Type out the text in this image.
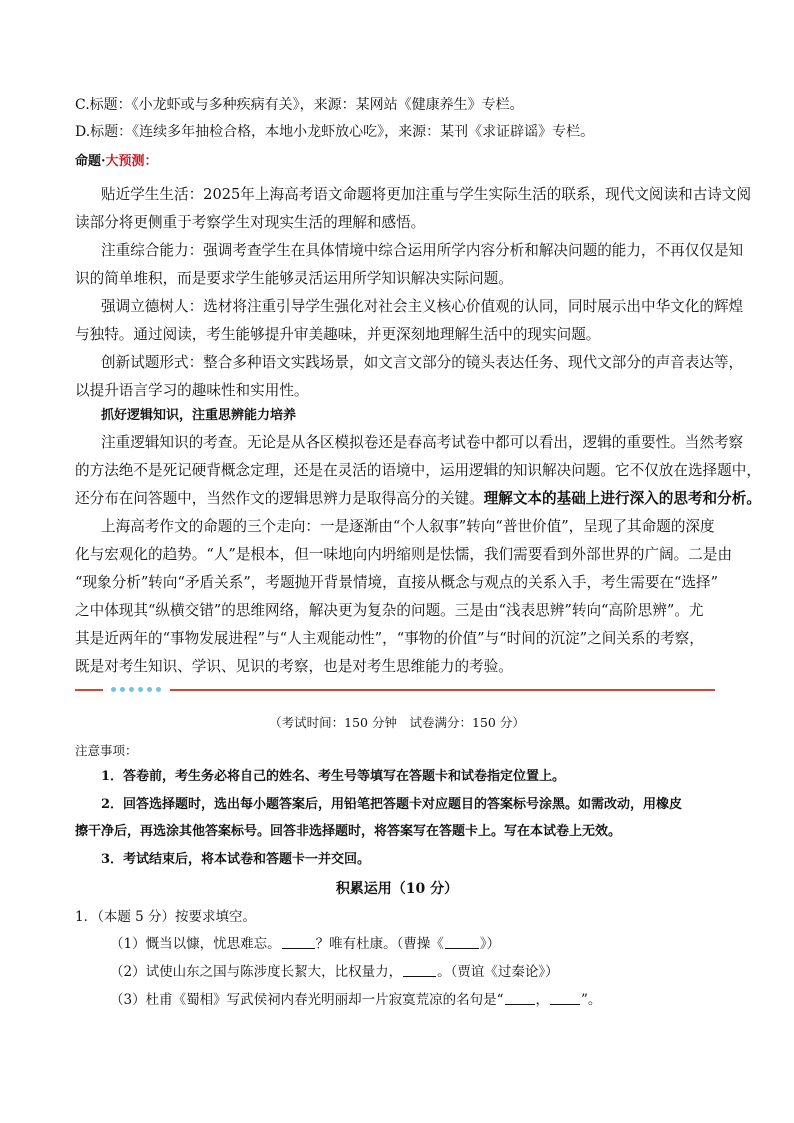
C.标题：《小龙虾或与多种疾病有关》，来源：某网站《健康养生》专栏。
D.标题：《连续多年抽检合格，本地小龙虾放心吃》，来源：某刊《求证辟谣》专栏。
命题·大预测：
贴近学生生活：2025年上海高考语文命题将更加注重与学生实际生活的联系，现代文阅读和古诗文阅
读部分将更侧重于考察学生对现实生活的理解和感悟。
注重综合能力：强调考查学生在具体情境中综合运用所学内容分析和解决问题的能力，不再仅仅是知
识的简单堆积，而是要求学生能够灵活运用所学知识解决实际问题。
强调立德树人：选材将注重引导学生强化对社会主义核心价值观的认同，同时展示出中华文化的辉煌
与独特。通过阅读，考生能够提升审美趣味，并更深刻地理解生活中的现实问题。
创新试题形式：整合多种语文实践场景，如文言文部分的镜头表达任务、现代文部分的声音表达等，
以提升语言学习的趣味性和实用性。
抓好逻辑知识，注重思辨能力培养
注重逻辑知识的考查。无论是从各区模拟卷还是春高考试卷中都可以看出，逻辑的重要性。当然考察
的方法绝不是死记硬背概念定理，还是在灵活的语境中，运用逻辑的知识解决问题。它不仅放在选择题中，
还分布在问答题中，当然作文的逻辑思辨力是取得高分的关键。理解文本的基础上进行深入的思考和分析。
上海高考作文的命题的三个走向：一是逐渐由“个人叙事”转向“普世价值”，呈现了其命题的深度
化与宏观化的趋势。“人”是根本，但一味地向内坍缩则是怯懦，我们需要看到外部世界的广阔。二是由
“现象分析”转向“矛盾关系”，考题抛开背景情境，直接从概念与观点的关系入手，考生需要在“选择”
之中体现其“纵横交错”的思维网络，解决更为复杂的问题。三是由“浅表思辨”转向“高阶思辨”。尤
其是近两年的“事物发展进程”与“人主观能动性”，“事物的价值”与“时间的沉淀”之间关系的考察，
既是对考生知识、学识、见识的考察，也是对考生思维能力的考验。
（考试时间：150 分钟　试卷满分：150 分）
注意事项：
1．答卷前，考生务必将自己的姓名、考生号等填写在答题卡和试卷指定位置上。
2．回答选择题时，选出每小题答案后，用铅笔把答题卡对应题目的答案标号涂黑。如需改动，用橡皮
擦干净后，再选涂其他答案标号。回答非选择题时，将答案写在答题卡上。写在本试卷上无效。
3．考试结束后，将本试卷和答题卡一并交回。
积累运用（10 分）
1．（本题 5 分）按要求填空。
（1）慨当以慷，忧思难忘。	？唯有杜康。（曹操《	》）
（2）试使山东之国与陈涉度长絜大，比权量力，	。（贾谊《过秦论》）
（3）杜甫《蜀相》写武侯祠内春光明丽却一片寂寞荒凉的名句是“ ， ”。
